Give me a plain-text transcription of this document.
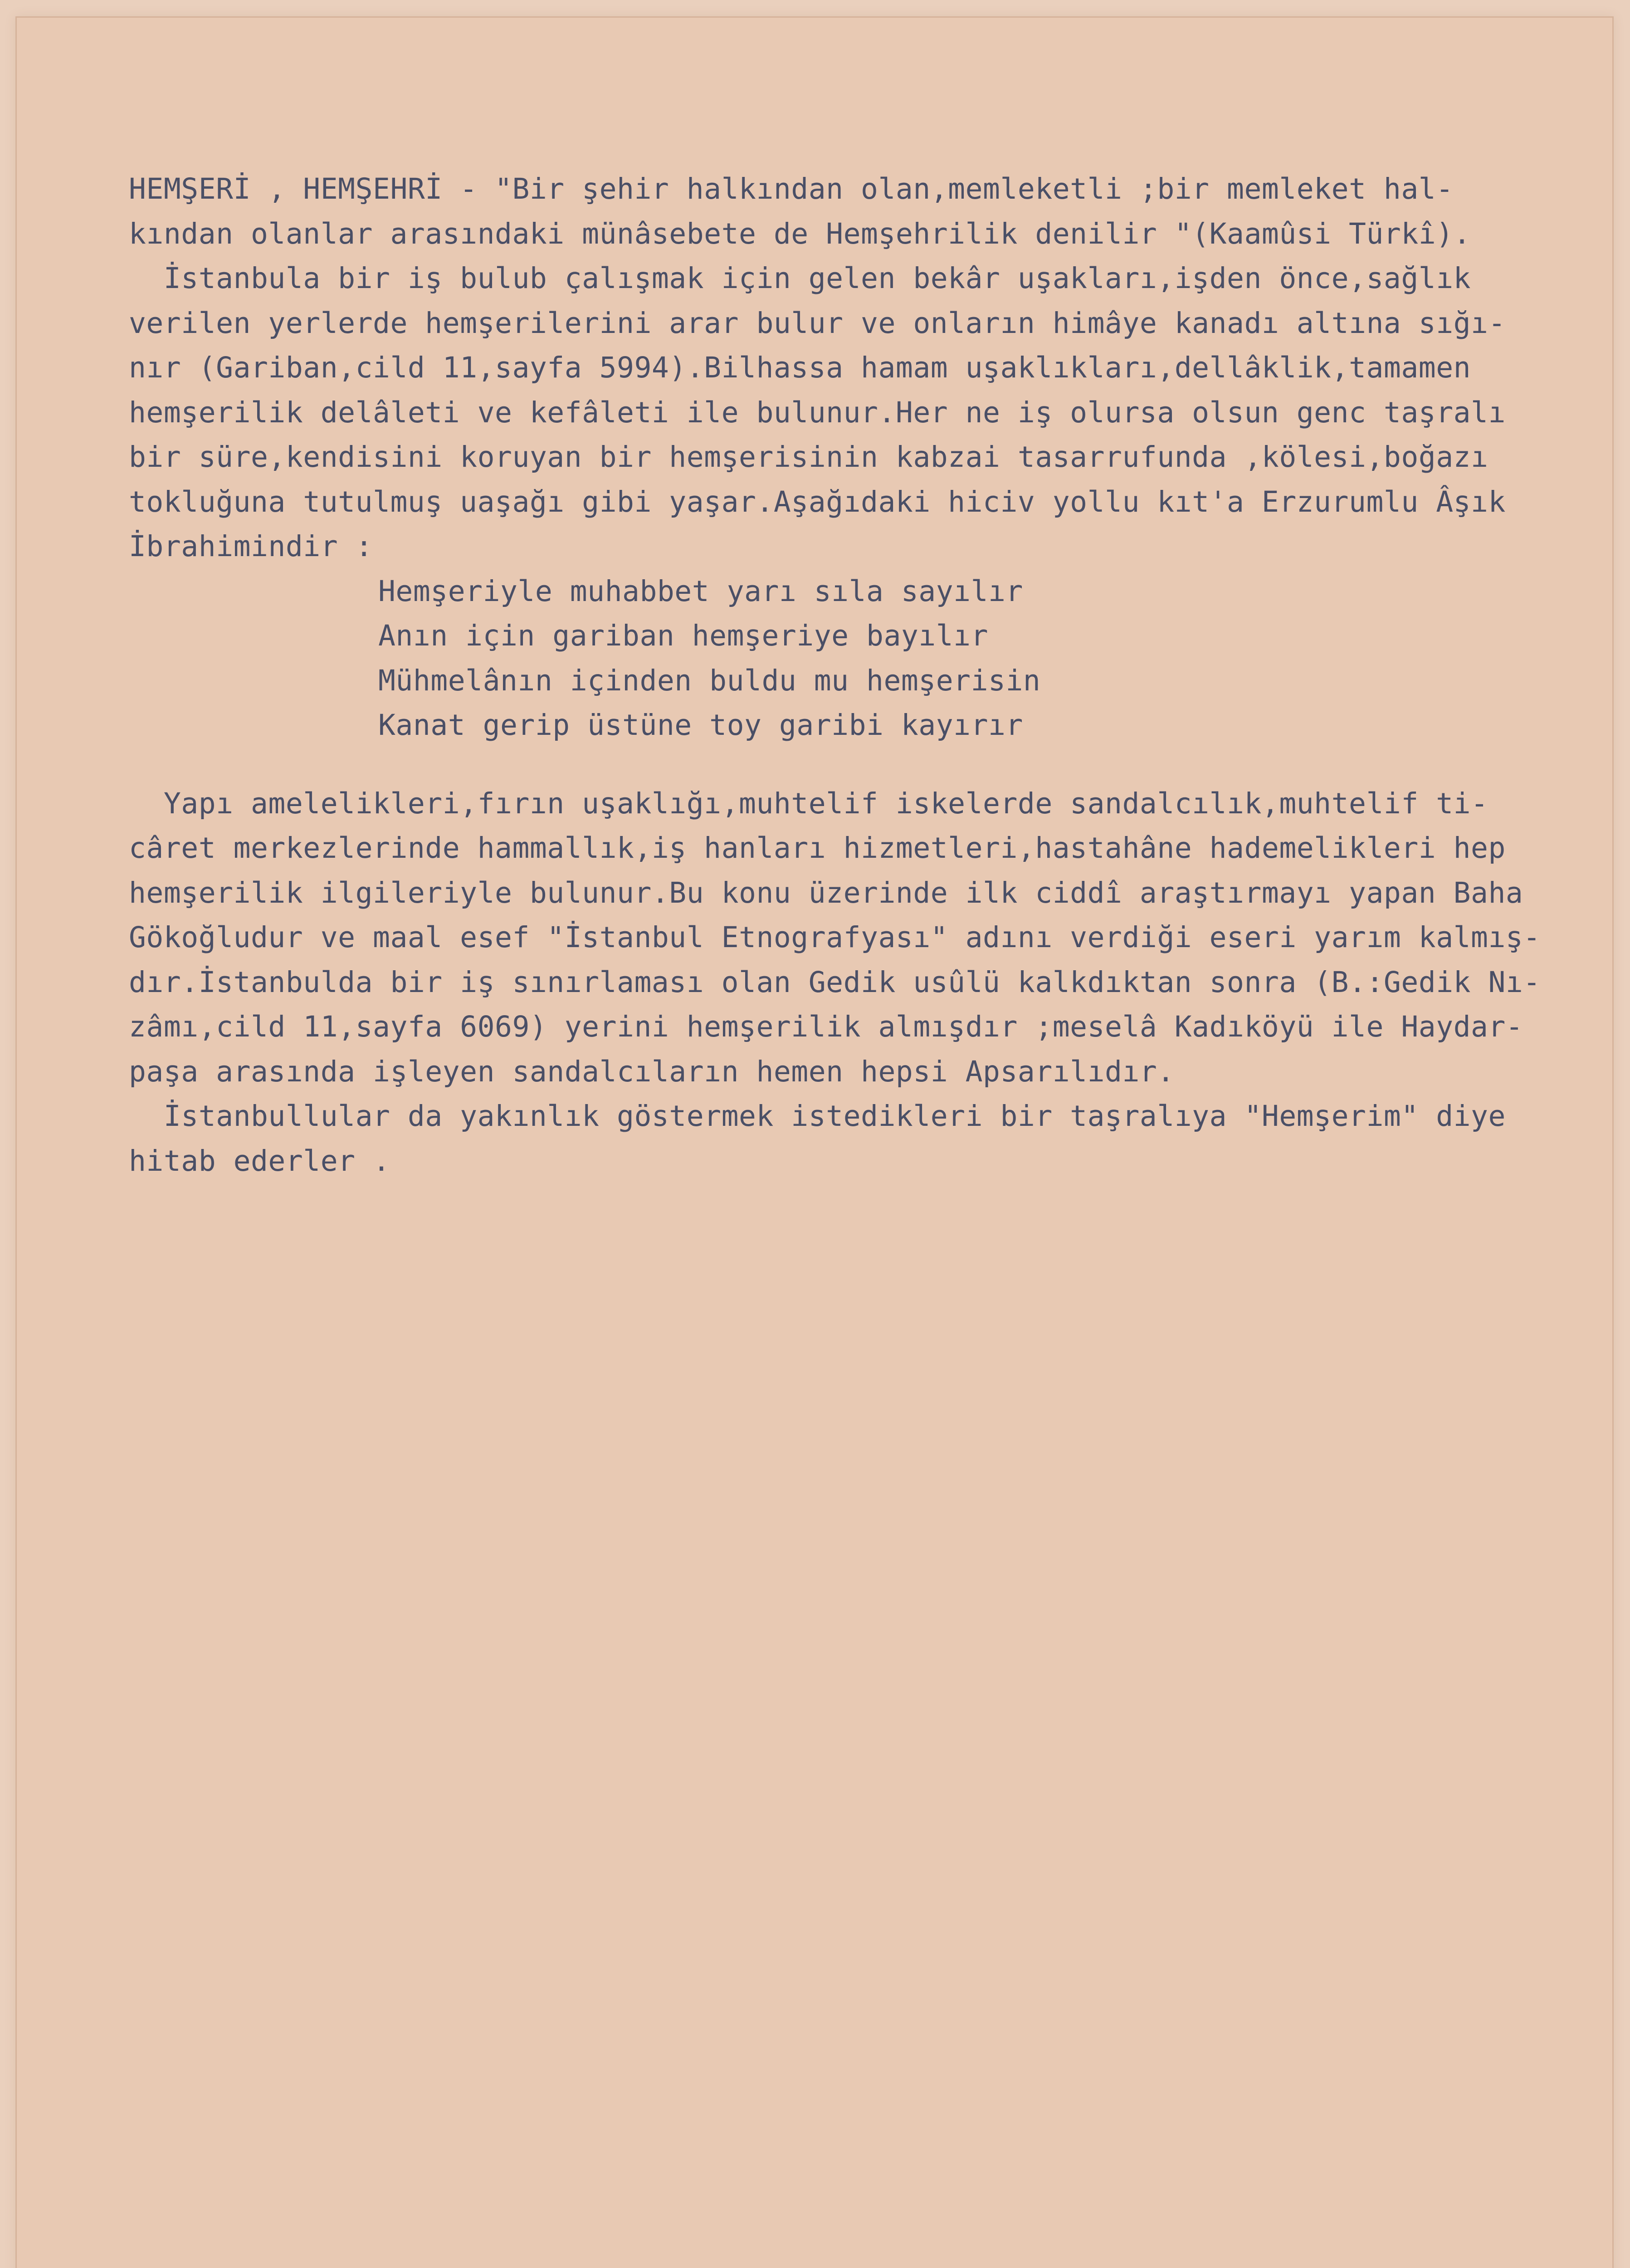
HEMŞERİ , HEMŞEHRİ - "Bir şehir halkından olan,memleketli ;bir memleket hal-
kından olanlar arasındaki münâsebete de Hemşehrilik denilir "(Kaamûsi Türkî).
İstanbula bir iş bulub çalışmak için gelen bekâr uşakları,işden önce,sağlık
verilen yerlerde hemşerilerini arar bulur ve onların himâye kanadı altına sığı-
nır (Gariban,cild 11,sayfa 5994).Bilhassa hamam uşaklıkları,dellâklik,tamamen
hemşerilik delâleti ve kefâleti ile bulunur.Her ne iş olursa olsun genc taşralı
bir süre,kendisini koruyan bir hemşerisinin kabzai tasarrufunda ,kölesi,boğazı
tokluğuna tutulmuş uaşağı gibi yaşar.Aşağıdaki hiciv yollu kıt'a Erzurumlu Âşık
İbrahimindir :
Hemşeriyle muhabbet yarı sıla sayılır
Anın için gariban hemşeriye bayılır
Mühmelânın içinden buldu mu hemşerisin
Kanat gerip üstüne toy garibi kayırır
Yapı amelelikleri,fırın uşaklığı,muhtelif iskelerde sandalcılık,muhtelif ti-
câret merkezlerinde hammallık,iş hanları hizmetleri,hastahâne hademelikleri hep
hemşerilik ilgileriyle bulunur.Bu konu üzerinde ilk ciddî araştırmayı yapan Baha
Gökoğludur ve maal esef "İstanbul Etnografyası" adını verdiği eseri yarım kalmış-
dır.İstanbulda bir iş sınırlaması olan Gedik usûlü kalkdıktan sonra (B.:Gedik Nı-
zâmı,cild 11,sayfa 6069) yerini hemşerilik almışdır ;meselâ Kadıköyü ile Haydar-
paşa arasında işleyen sandalcıların hemen hepsi Apsarılıdır.
İstanbullular da yakınlık göstermek istedikleri bir taşralıya "Hemşerim" diye
hitab ederler .
